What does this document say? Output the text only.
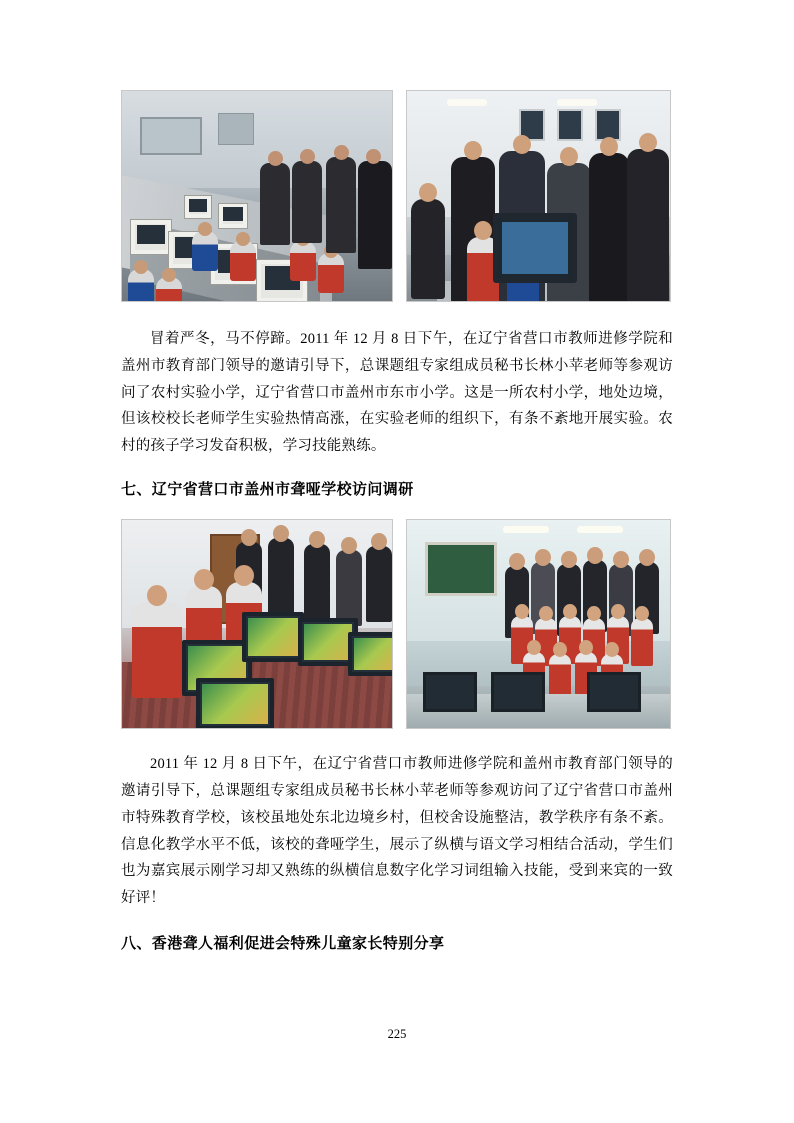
冒着严冬，马不停蹄。2011 年 12 月 8 日下午，在辽宁省营口市教师进修学院和盖州市教育部门领导的邀请引导下，总课题组专家组成员秘书长林小苹老师等参观访问了农村实验小学，辽宁省营口市盖州市东市小学。这是一所农村小学，地处边境，但该校校长老师学生实验热情高涨，在实验老师的组织下，有条不紊地开展实验。农村的孩子学习发奋积极，学习技能熟练。

七、辽宁省营口市盖州市聋哑学校访问调研

2011 年 12 月 8 日下午，在辽宁省营口市教师进修学院和盖州市教育部门领导的邀请引导下，总课题组专家组成员秘书长林小苹老师等参观访问了辽宁省营口市盖州市特殊教育学校，该校虽地处东北边境乡村，但校舍设施整洁，教学秩序有条不紊。信息化教学水平不低，该校的聋哑学生，展示了纵横与语文学习相结合活动，学生们也为嘉宾展示刚学习却又熟练的纵横信息数字化学习词组输入技能，受到来宾的一致好评！

八、香港聋人福利促进会特殊儿童家长特别分享
225
